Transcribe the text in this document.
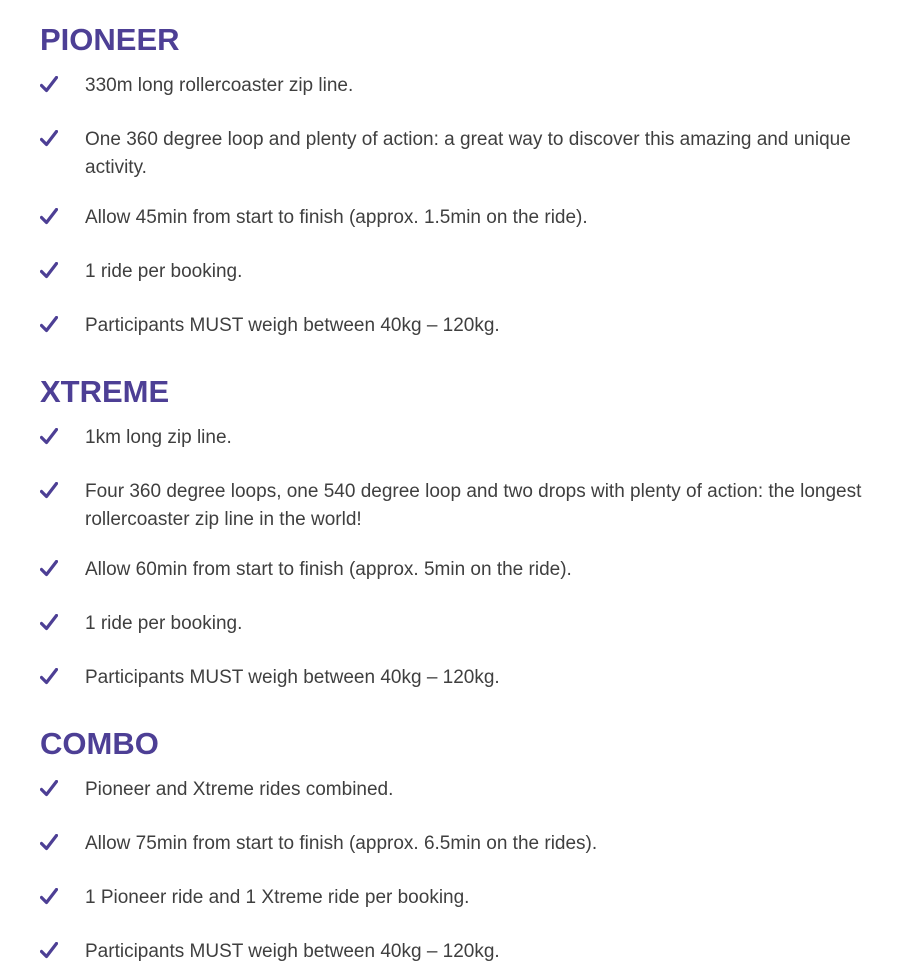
PIONEER
330m long rollercoaster zip line.
One 360 degree loop and plenty of action: a great way to discover this amazing and unique activity.
Allow 45min from start to finish (approx. 1.5min on the ride).
1 ride per booking.
Participants MUST weigh between 40kg – 120kg.
XTREME
1km long zip line.
Four 360 degree loops, one 540 degree loop and two drops with plenty of action: the longest rollercoaster zip line in the world!
Allow 60min from start to finish (approx. 5min on the ride).
1 ride per booking.
Participants MUST weigh between 40kg – 120kg.
COMBO
Pioneer and Xtreme rides combined.
Allow 75min from start to finish (approx. 6.5min on the rides).
1 Pioneer ride and 1 Xtreme ride per booking.
Participants MUST weigh between 40kg – 120kg.
